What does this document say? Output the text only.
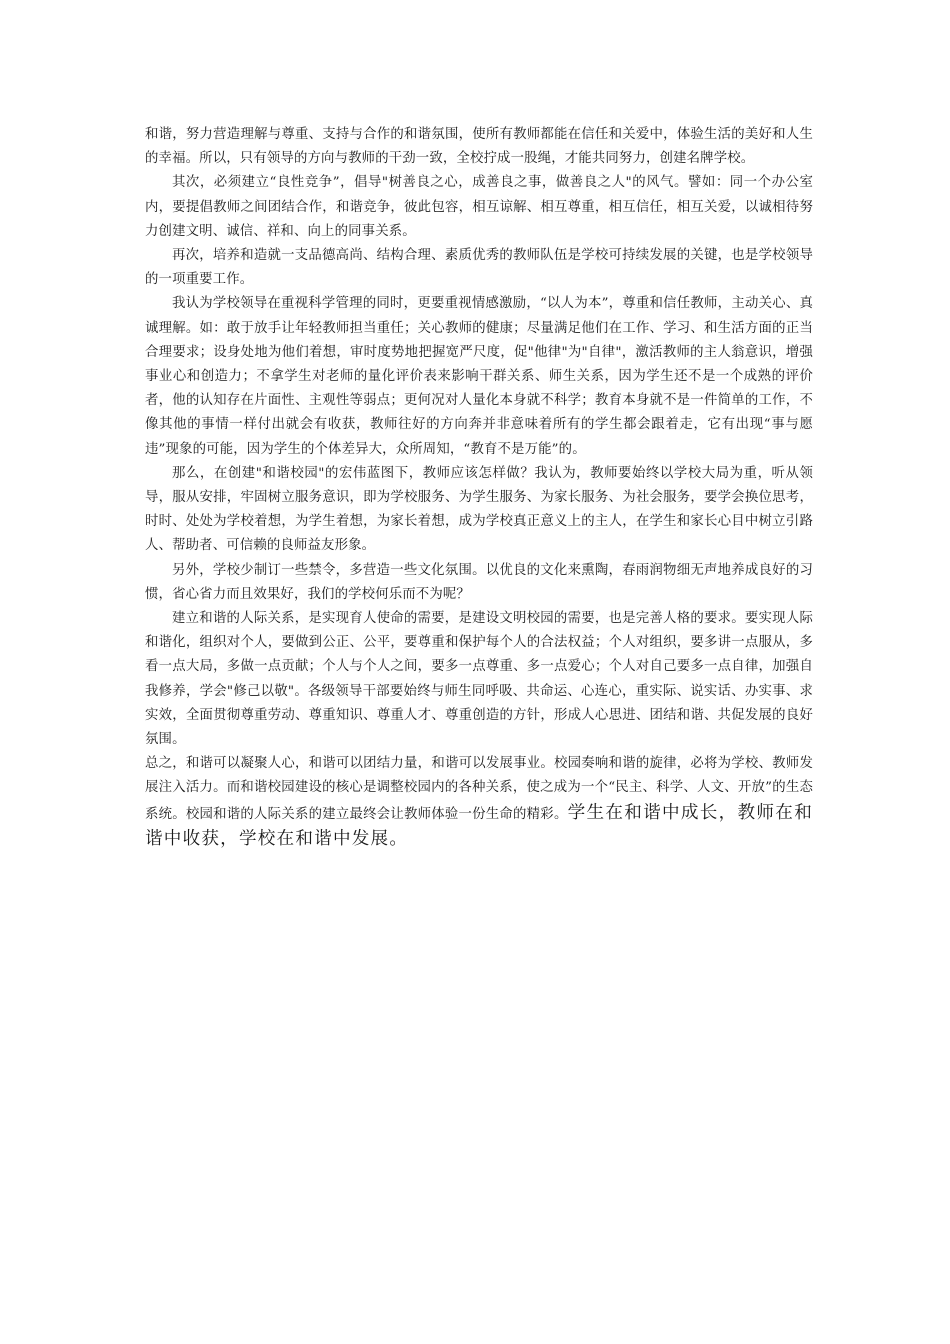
和谐，努力营造理解与尊重、支持与合作的和谐氛围，使所有教师都能在信任和关爱中，体验生活的美好和人生的幸福。所以，只有领导的方向与教师的干劲一致，全校拧成一股绳，才能共同努力，创建名牌学校。

其次，必须建立“良性竞争”，倡导"树善良之心，成善良之事，做善良之人"的风气。譬如：同一个办公室内，要提倡教师之间团结合作，和谐竞争，彼此包容，相互谅解、相互尊重，相互信任，相互关爱，以诚相待努力创建文明、诚信、祥和、向上的同事关系。

再次，培养和造就一支品德高尚、结构合理、素质优秀的教师队伍是学校可持续发展的关键，也是学校领导的一项重要工作。

我认为学校领导在重视科学管理的同时，更要重视情感激励，“以人为本”，尊重和信任教师，主动关心、真诚理解。如：敢于放手让年轻教师担当重任；关心教师的健康；尽量满足他们在工作、学习、和生活方面的正当合理要求；设身处地为他们着想，审时度势地把握宽严尺度，促"他律"为"自律"，激活教师的主人翁意识，增强事业心和创造力；不拿学生对老师的量化评价表来影响干群关系、师生关系，因为学生还不是一个成熟的评价者，他的认知存在片面性、主观性等弱点；更何况对人量化本身就不科学；教育本身就不是一件简单的工作，不像其他的事情一样付出就会有收获，教师往好的方向奔并非意味着所有的学生都会跟着走，它有出现“事与愿违”现象的可能，因为学生的个体差异大，众所周知，“教育不是万能”的。

那么，在创建"和谐校园"的宏伟蓝图下，教师应该怎样做？我认为，教师要始终以学校大局为重，听从领导，服从安排，牢固树立服务意识，即为学校服务、为学生服务、为家长服务、为社会服务，要学会换位思考，时时、处处为学校着想，为学生着想，为家长着想，成为学校真正意义上的主人，在学生和家长心目中树立引路人、帮助者、可信赖的良师益友形象。

另外，学校少制订一些禁令，多营造一些文化氛围。以优良的文化来熏陶，春雨润物细无声地养成良好的习惯，省心省力而且效果好，我们的学校何乐而不为呢？

建立和谐的人际关系，是实现育人使命的需要，是建设文明校园的需要，也是完善人格的要求。要实现人际和谐化，组织对个人，要做到公正、公平，要尊重和保护每个人的合法权益；个人对组织，要多讲一点服从，多看一点大局，多做一点贡献；个人与个人之间，要多一点尊重、多一点爱心；个人对自己要多一点自律，加强自我修养，学会"修己以敬"。各级领导干部要始终与师生同呼吸、共命运、心连心，重实际、说实话、办实事、求实效，全面贯彻尊重劳动、尊重知识、尊重人才、尊重创造的方针，形成人心思进、团结和谐、共促发展的良好氛围。

总之，和谐可以凝聚人心，和谐可以团结力量，和谐可以发展事业。校园奏响和谐的旋律，必将为学校、教师发展注入活力。而和谐校园建设的核心是调整校园内的各种关系，使之成为一个“民主、科学、人文、开放”的生态系统。校园和谐的人际关系的建立最终会让教师体验一份生命的精彩。学生在和谐中成长，教师在和谐中收获，学校在和谐中发展。
